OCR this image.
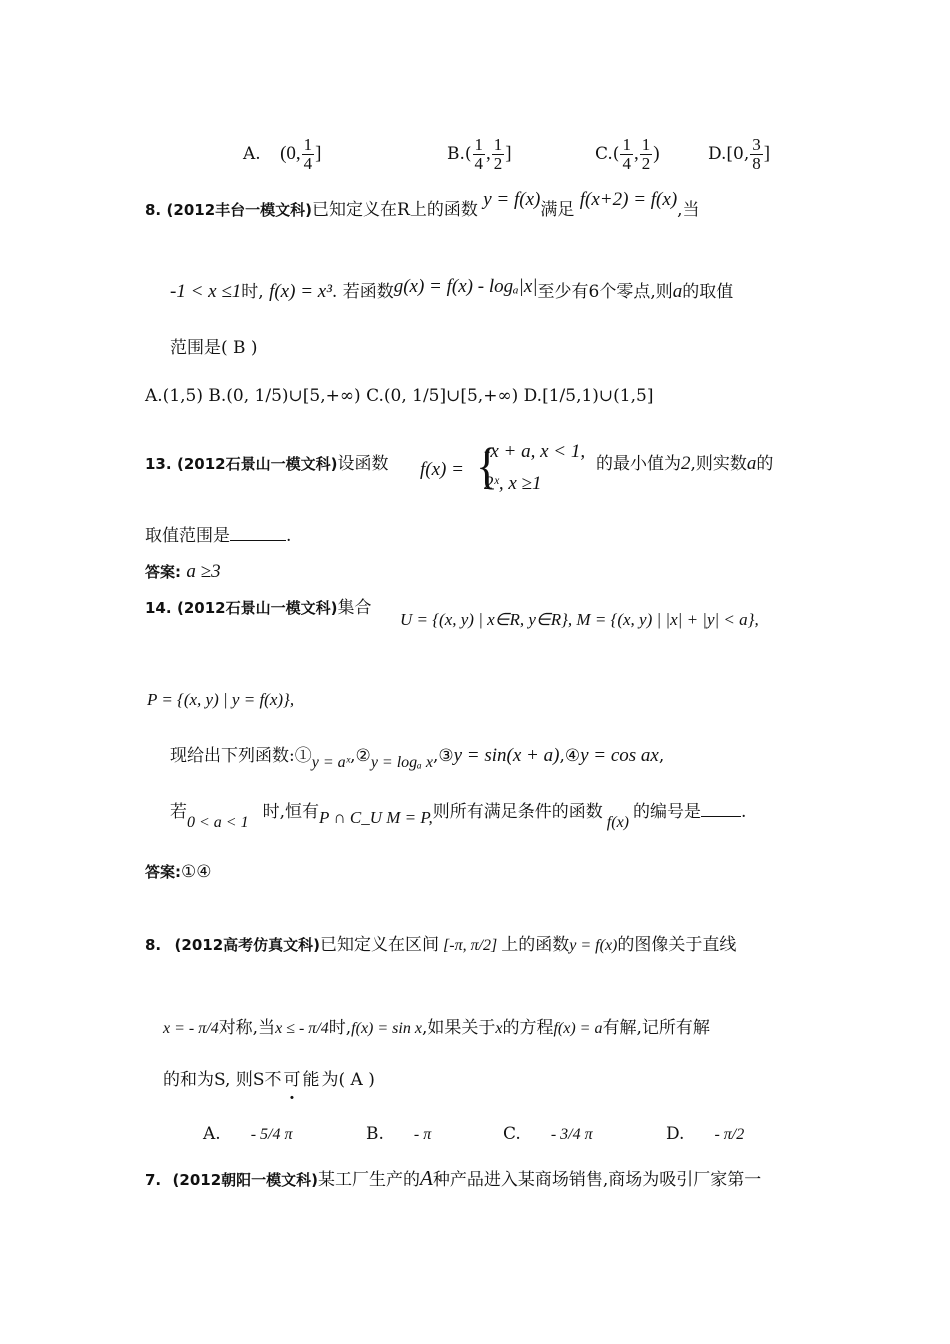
A. (0, $\frac{1}{4}$ ]	$B.( \frac{1}{4}$ , $\frac{1}{2}$ ]	$C.( \frac{1}{4}$ , $\frac{1}{2}$ )	D.[0, $\frac{3}{8}$ ]
8. (2012丰台一模文科)已知定义在R上的函数 y = f(x)满足 f(x+2) = f(x),当
-1 < x ≤1时, f(x) = x³. 若函数g(x) = f(x) - logₐ|x|至少有6个零点,则a的取值
范围是( B )
A.(1,5) B.(0, 1/5)∪[5,+∞) C.(0, 1/5]∪[5,+∞) D.[1/5,1)∪(1,5]
13. (2012石景山一模文科)设函数 f(x) = {
-x + a, x < 1,
2ˣ, x ≥1
的最小值为2,则实数a的
取值范围是	.
答案: a ≥3
14. (2012石景山一模文科)集合
U = {(x, y) | x∈R, y∈R}, M = {(x, y) | |x| + |y| < a},
P = {(x, y) | y = f(x)},
现给出下列函数:①y = aˣ,②y = logₐ x,③y = sin(x + a),④y = cos ax,
若0 < a < 1时,恒有P ∩ C_U M = P,则所有满足条件的函数f(x)的编号是 .
答案:①④
8. (2012高考仿真文科)已知定义在区间 [-π, π/2] 上的函数y = f(x)的图像关于直线
x = - π/4对称,当x ≤ - π/4时,f(x) = sin x,如果关于x的方程f(x) = a有解,记所有解
的和为S, 则S不可能为( A )
A. - 5/4 π	B. - π	C. - 3/4 π	D. - π/2
7. (2012朝阳一模文科)某工厂生产的A种产品进入某商场销售,商场为吸引厂家第一
